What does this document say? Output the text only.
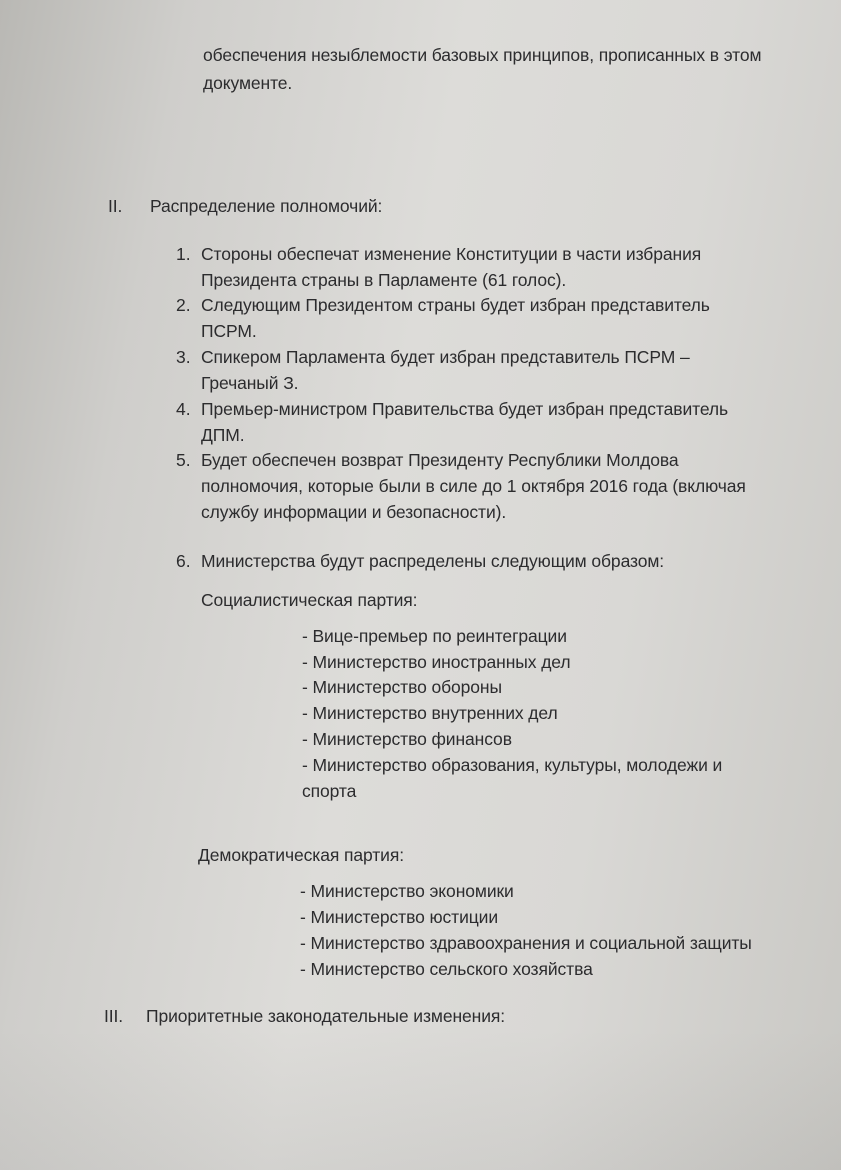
обеспечения незыблемости базовых принципов, прописанных в этом
документе.
II. Распределение полномочий:
1. Стороны обеспечат изменение Конституции в части избрания
Президента страны в Парламенте (61 голос).
2. Следующим Президентом страны будет избран представитель
ПСРМ.
3. Спикером Парламента будет избран представитель ПСРМ –
Гречаный З.
4. Премьер-министром Правительства будет избран представитель
ДПМ.
5. Будет обеспечен возврат Президенту Республики Молдова
полномочия, которые были в силе до 1 октября 2016 года (включая
службу информации и безопасности).
6. Министерства будут распределены следующим образом:
Социалистическая партия:
- Вице-премьер по реинтеграции
- Министерство иностранных дел
- Министерство обороны
- Министерство внутренних дел
- Министерство финансов
- Министерство образования, культуры, молодежи и
спорта
Демократическая партия:
- Министерство экономики
- Министерство юстиции
- Министерство здравоохранения и социальной защиты
- Министерство сельского хозяйства
III. Приоритетные законодательные изменения:
